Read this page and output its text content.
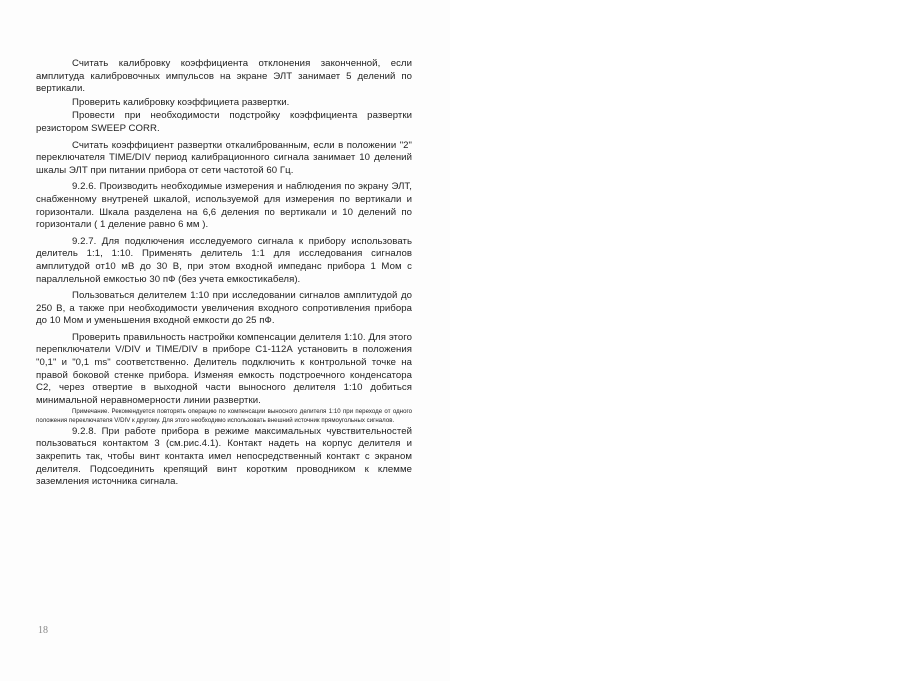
Считать калибровку коэффициента отклонения законченной, если амплитуда калибровочных импульсов на экране ЭЛТ занимает 5 делений по вертикали.

Проверить калибровку коэффициета развертки.

Провести при необходимости подстройку коэффициента развертки резистором SWEEP CORR.

Считать коэффициент развертки откалиброванным, если в положении "2" переключателя TIME/DIV период калибрационного сигнала занимает 10 делений шкалы ЭЛТ при питании прибора от сети частотой 60 Гц.

9.2.6. Производить необходимые измерения и наблюдения по экрану ЭЛТ, снабженному внутреней шкалой, используемой для измерения по вертикали и горизонтали. Шкала разделена на 6,6 деления по вертикали и 10 делений по горизонтали ( 1 деление равно 6 мм ).

9.2.7. Для подключения исследуемого сигнала к прибору использовать делитель 1:1, 1:10. Применять делитель 1:1 для исследования сигналов амплитудой от10 мВ до 30 В, при этом входной импеданс прибора 1 Мом с параллельной емкостью 30 пФ (без учета емкостикабеля).

Пользоваться делителем 1:10 при исследовании сигналов амплитудой до 250 В, а также при необходимости увеличения входного сопротивления прибора до 10 Мом и уменьшения входной емкости до 25 пФ.

Проверить правильность настройки компенсации делителя 1:10. Для этого перепключатели V/DIV и TIME/DIV в приборе С1-112А установить в положения "0,1" и "0,1 ms" соответственно. Делитель подключить к контрольной точке на правой боковой стенке прибора. Изменяя емкость подстроечного конденсатора С2, через отвертие в выходной части выносного делителя 1:10 добиться минимальной неравномерности линии развертки.

Примечание. Рекомендуется повторять операцию по компенсации выносного делителя 1:10 при переходе от одного положения переключателя V/DIV к другому. Для этого необходимо использовать внешний источник прямоугольных сигналов.

9.2.8. При работе прибора в режиме максимальных чувствительностей пользоваться контактом 3 (см.рис.4.1). Контакт надеть на корпус делителя и закрепить так, чтобы винт контакта имел непосредственный контакт с экраном делителя. Подсоединить крепящий винт коротким проводником к клемме заземления источника сигнала.

18
